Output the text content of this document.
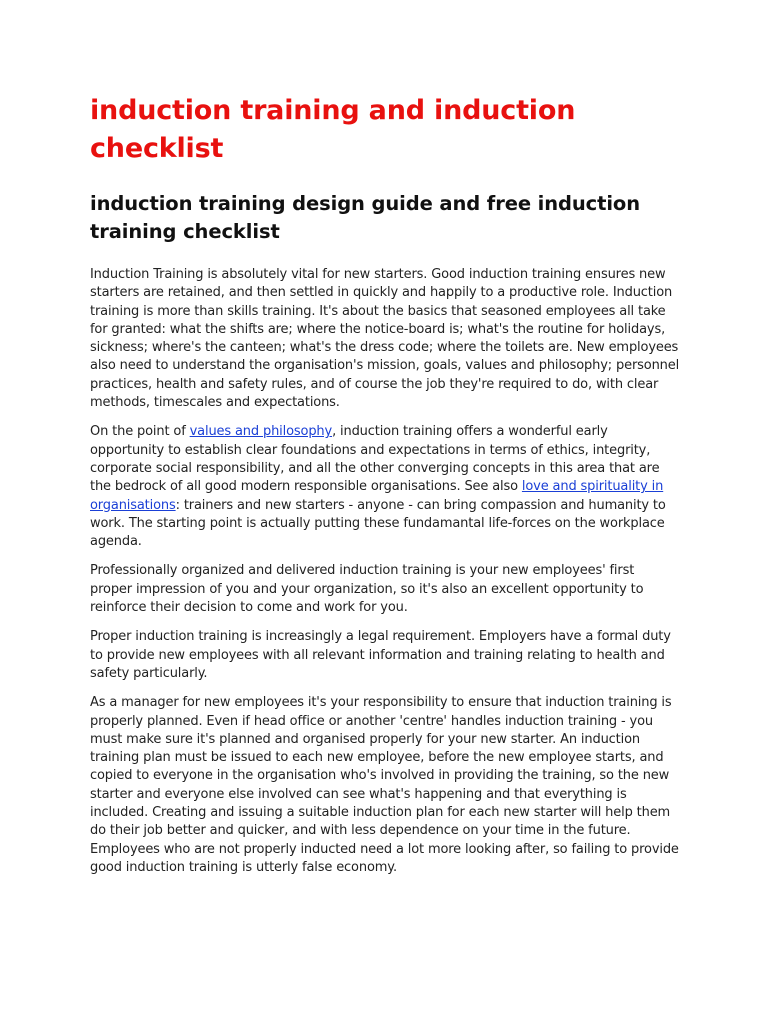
induction training and induction checklist
induction training design guide and free induction training checklist

Induction Training is absolutely vital for new starters. Good induction training ensures new starters are retained, and then settled in quickly and happily to a productive role. Induction training is more than skills training. It's about the basics that seasoned employees all take for granted: what the shifts are; where the notice-board is; what's the routine for holidays, sickness; where's the canteen; what's the dress code; where the toilets are. New employees also need to understand the organisation's mission, goals, values and philosophy; personnel practices, health and safety rules, and of course the job they're required to do, with clear methods, timescales and expectations.

On the point of values and philosophy, induction training offers a wonderful early opportunity to establish clear foundations and expectations in terms of ethics, integrity, corporate social responsibility, and all the other converging concepts in this area that are the bedrock of all good modern responsible organisations. See also love and spirituality in organisations: trainers and new starters - anyone - can bring compassion and humanity to work. The starting point is actually putting these fundamantal life-forces on the workplace agenda.

Professionally organized and delivered induction training is your new employees' first proper impression of you and your organization, so it's also an excellent opportunity to reinforce their decision to come and work for you.

Proper induction training is increasingly a legal requirement. Employers have a formal duty to provide new employees with all relevant information and training relating to health and safety particularly.

As a manager for new employees it's your responsibility to ensure that induction training is properly planned. Even if head office or another 'centre' handles induction training - you must make sure it's planned and organised properly for your new starter. An induction training plan must be issued to each new employee, before the new employee starts, and copied to everyone in the organisation who's involved in providing the training, so the new starter and everyone else involved can see what's happening and that everything is included. Creating and issuing a suitable induction plan for each new starter will help them do their job better and quicker, and with less dependence on your time in the future. Employees who are not properly inducted need a lot more looking after, so failing to provide good induction training is utterly false economy.
